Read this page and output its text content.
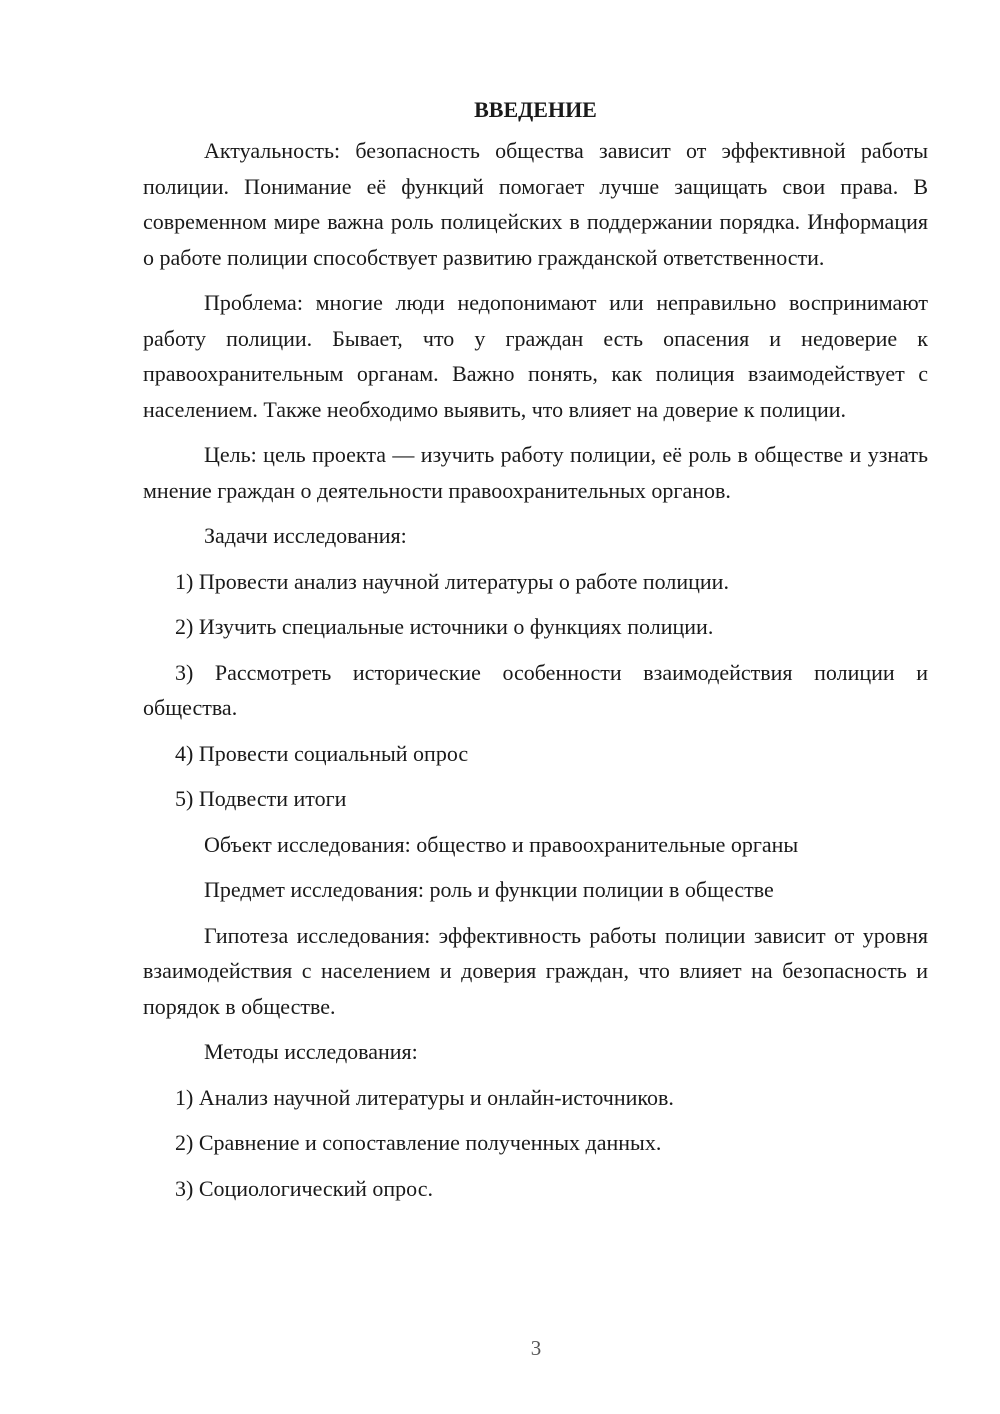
ВВЕДЕНИЕ

Актуальность: безопасность общества зависит от эффективной работы полиции. Понимание её функций помогает лучше защищать свои права. В современном мире важна роль полицейских в поддержании порядка. Информация о работе полиции способствует развитию гражданской ответственности.

Проблема: многие люди недопонимают или неправильно воспринимают работу полиции. Бывает, что у граждан есть опасения и недоверие к правоохранительным органам. Важно понять, как полиция взаимодействует с населением. Также необходимо выявить, что влияет на доверие к полиции.

Цель: цель проекта — изучить работу полиции, её роль в обществе и узнать мнение граждан о деятельности правоохранительных органов.

Задачи исследования:

1) Провести анализ научной литературы о работе полиции.

2) Изучить специальные источники о функциях полиции.

3) Рассмотреть исторические особенности взаимодействия полиции и общества.

4) Провести социальный опрос

5) Подвести итоги

Объект исследования: общество и правоохранительные органы

Предмет исследования: роль и функции полиции в обществе

Гипотеза исследования: эффективность работы полиции зависит от уровня взаимодействия с населением и доверия граждан, что влияет на безопасность и порядок в обществе.

Методы исследования:

1) Анализ научной литературы и онлайн-источников.

2) Сравнение и сопоставление полученных данных.

3) Социологический опрос.

3
